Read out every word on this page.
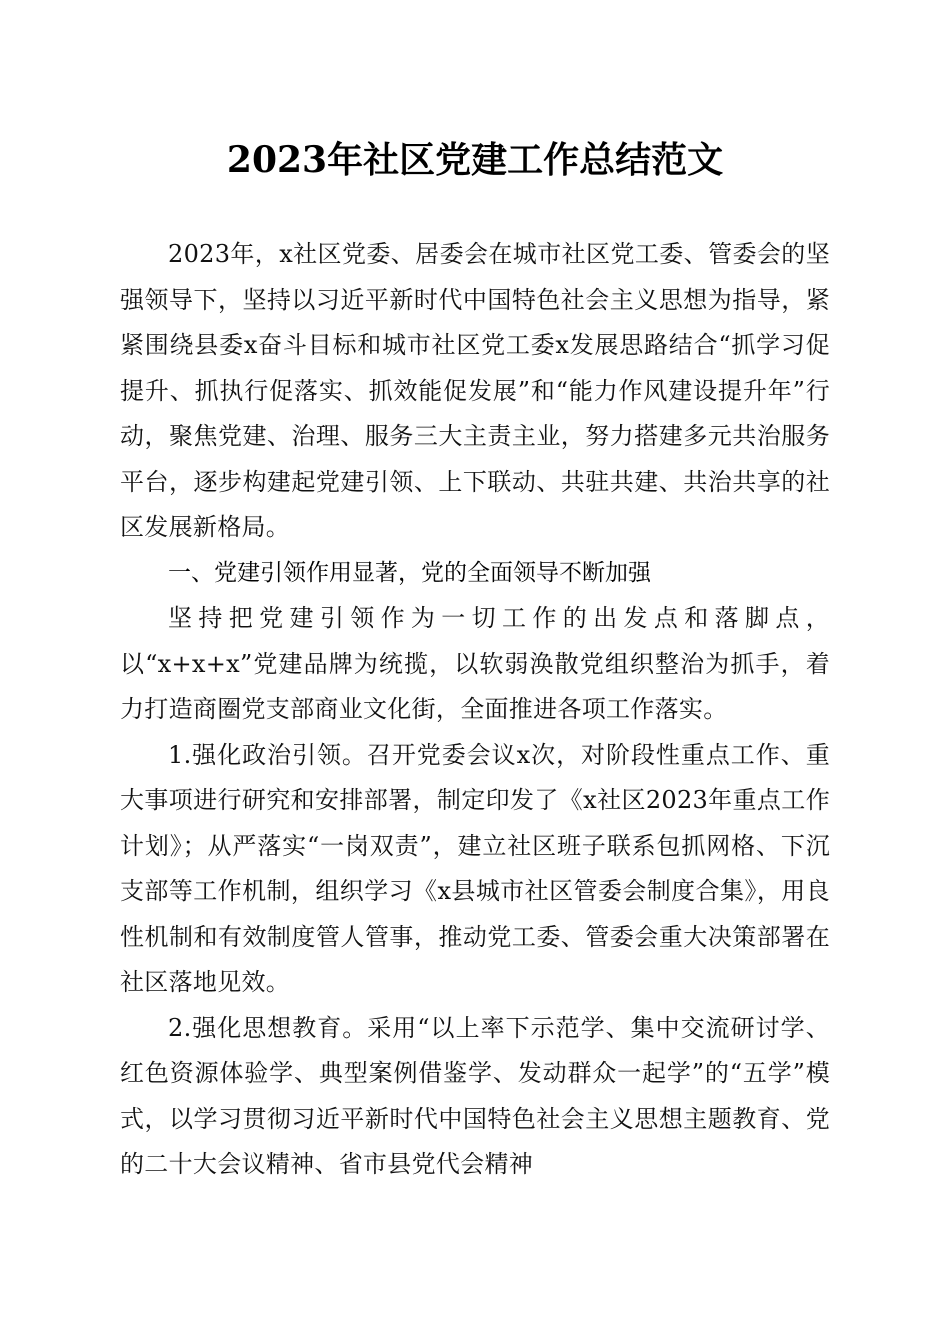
2023年社区党建工作总结范文

2023年，x社区党委、居委会在城市社区党工委、管委会的坚强领导下，坚持以习近平新时代中国特色社会主义思想为指导，紧紧围绕县委x奋斗目标和城市社区党工委x发展思路结合“抓学习促提升、抓执行促落实、抓效能促发展”和“能力作风建设提升年”行动，聚焦党建、治理、服务三大主责主业，努力搭建多元共治服务平台，逐步构建起党建引领、上下联动、共驻共建、共治共享的社区发展新格局。

一、党建引领作用显著，党的全面领导不断加强

坚持把党建引领作为一切工作的出发点和落脚点，

以“x+x+x”党建品牌为统揽，以软弱涣散党组织整治为抓手，着力打造商圈党支部商业文化街，全面推进各项工作落实。

1.强化政治引领。召开党委会议x次，对阶段性重点工作、重大事项进行研究和安排部署，制定印发了《x社区2023年重点工作计划》；从严落实“一岗双责”，建立社区班子联系包抓网格、下沉支部等工作机制，组织学习《x县城市社区管委会制度合集》，用良性机制和有效制度管人管事，推动党工委、管委会重大决策部署在社区落地见效。

2.强化思想教育。采用“以上率下示范学、集中交流研讨学、红色资源体验学、典型案例借鉴学、发动群众一起学”的“五学”模式，以学习贯彻习近平新时代中国特色社会主义思想主题教育、党的二十大会议精神、省市县党代会精神
